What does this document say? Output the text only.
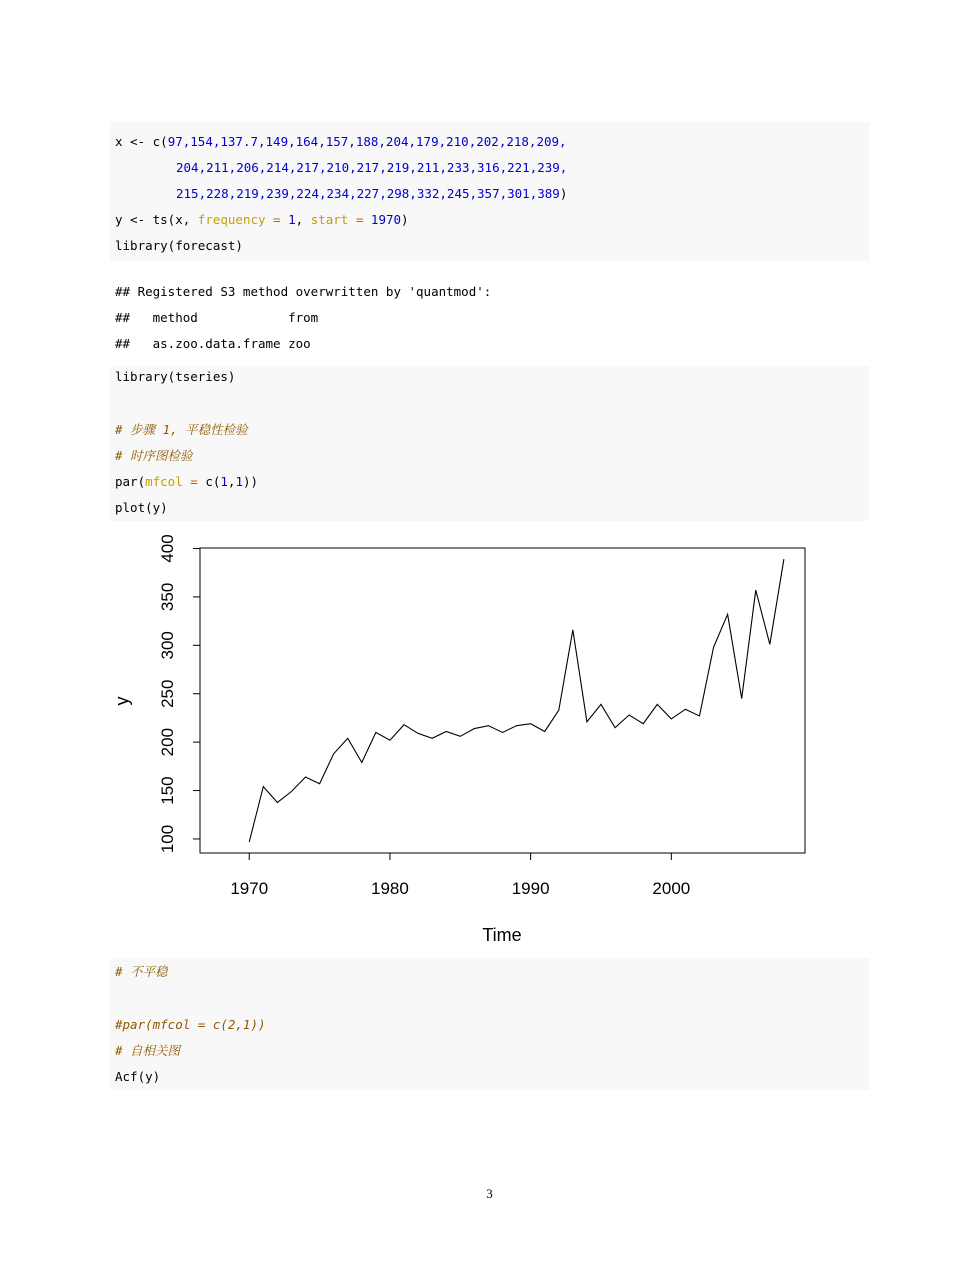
x <- c(97,154,137.7,149,164,157,188,204,179,210,202,218,209,
204,211,206,214,217,210,217,219,211,233,316,221,239,
215,228,219,239,224,234,227,298,332,245,357,301,389)
y <- ts(x, frequency = 1, start = 1970)
library(forecast)
## Registered S3 method overwritten by 'quantmod':
##   method            from
##   as.zoo.data.frame zoo
library(tseries)
# 步骤 1, 平稳性检验
# 时序图检验
par(mfcol = c(1,1))
plot(y)
100
150
200
250
300
350
400
1970	1980	1990	2000
Time
y
# 不平稳
#par(mfcol = c(2,1))
# 自相关图
Acf(y)
3
